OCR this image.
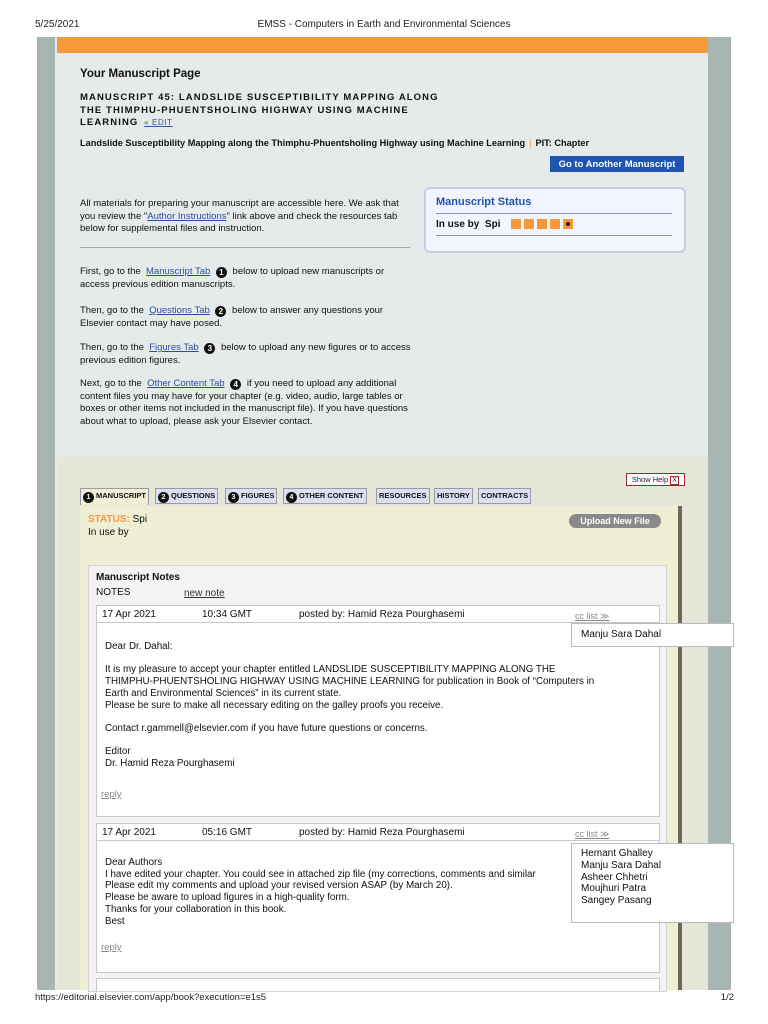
5/25/2021	EMSS - Computers in Earth and Environmental Sciences
Your Manuscript Page
MANUSCRIPT 45: LANDSLIDE SUSCEPTIBILITY MAPPING ALONG THE THIMPHU-PHUENTSHOLING HIGHWAY USING MACHINE LEARNING « EDIT
Landslide Susceptibility Mapping along the Thimphu-Phuentsholing Highway using Machine Learning | PIT: Chapter
Go to Another Manuscript
All materials for preparing your manuscript are accessible here. We ask that you review the "Author Instructions" link above and check the resources tab below for supplemental files and instruction.
Manuscript Status
In use by Spi
First, go to the Manuscript Tab 1 below to upload new manuscripts or access previous edition manuscripts.
Then, go to the Questions Tab 2 below to answer any questions your Elsevier contact may have posed.
Then, go to the Figures Tab 3 below to upload any new figures or to access previous edition figures.
Next, go to the Other Content Tab 4 if you need to upload any additional content files you may have for your chapter (e.g. video, audio, large tables or boxes or other items not included in the manuscript file). If you have questions about what to upload, please ask your Elsevier contact.
Show Help X
1 MANUSCRIPT	2 QUESTIONS	3 FIGURES	4 OTHER CONTENT	RESOURCES	HISTORY	CONTRACTS
STATUS: Spi
In use by
Upload New File
Manuscript Notes
NOTES	new note
17 Apr 2021	10:34 GMT	posted by: Hamid Reza Pourghasemi	cc list ≫
Dear Dr. Dahal:

It is my pleasure to accept your chapter entitled LANDSLIDE SUSCEPTIBILITY MAPPING ALONG THE
THIMPHU-PHUENTSHOLING HIGHWAY USING MACHINE LEARNING for publication in Book of “Computers in
Earth and Environmental Sciences” in its current state.
Please be sure to make all necessary editing on the galley proofs you receive.

Contact r.gammell@elsevier.com if you have future questions or concerns.

Editor
Dr. Hamid Reza Pourghasemi
reply
17 Apr 2021	05:16 GMT	posted by: Hamid Reza Pourghasemi	cc list ≫
Dear Authors
I have edited your chapter. You could see in attached zip file (my corrections, comments and similar
Please edit my comments and upload your revised version ASAP (by March 20).
Please be aware to upload figures in a high-quality form.
Thanks for your collaboration in this book.
Best
reply
Manju Sara Dahal
Hemant Ghalley
Manju Sara Dahal
Asheer Chhetri
Moujhuri Patra
Sangey Pasang
https://editorial.elsevier.com/app/book?execution=e1s5	1/2
